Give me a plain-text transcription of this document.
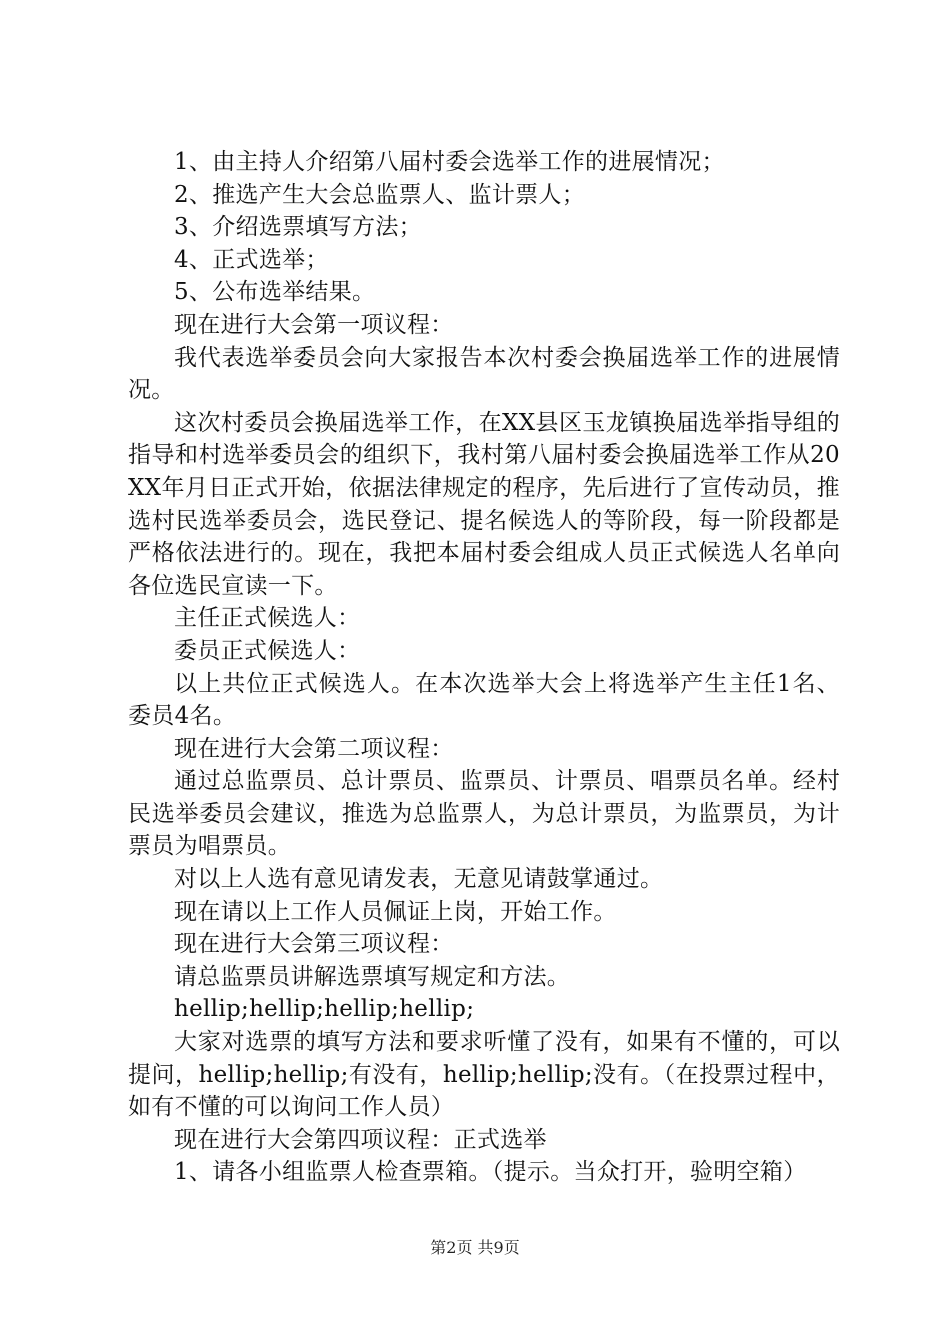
1、由主持人介绍第八届村委会选举工作的进展情况；

2、推选产生大会总监票人、监计票人；

3、介绍选票填写方法；

4、正式选举；

5、公布选举结果。

现在进行大会第一项议程：

我代表选举委员会向大家报告本次村委会换届选举工作的进展情况。

这次村委员会换届选举工作，在XX县区玉龙镇换届选举指导组的指导和村选举委员会的组织下，我村第八届村委会换届选举工作从20XX年月日正式开始，依据法律规定的程序，先后进行了宣传动员，推选村民选举委员会，选民登记、提名候选人的等阶段，每一阶段都是严格依法进行的。现在，我把本届村委会组成人员正式候选人名单向各位选民宣读一下。

主任正式候选人：

委员正式候选人：

以上共位正式候选人。在本次选举大会上将选举产生主任1名、委员4名。

现在进行大会第二项议程：

通过总监票员、总计票员、监票员、计票员、唱票员名单。经村民选举委员会建议，推选为总监票人，为总计票员，为监票员，为计票员为唱票员。

对以上人选有意见请发表，无意见请鼓掌通过。

现在请以上工作人员佩证上岗，开始工作。

现在进行大会第三项议程：

请总监票员讲解选票填写规定和方法。

hellip;hellip;hellip;hellip;

大家对选票的填写方法和要求听懂了没有，如果有不懂的，可以提问，hellip;hellip;有没有，hellip;hellip;没有。（在投票过程中，如有不懂的可以询问工作人员）

现在进行大会第四项议程：正式选举

1、请各小组监票人检查票箱。（提示。当众打开，验明空箱）

第2页 共9页
